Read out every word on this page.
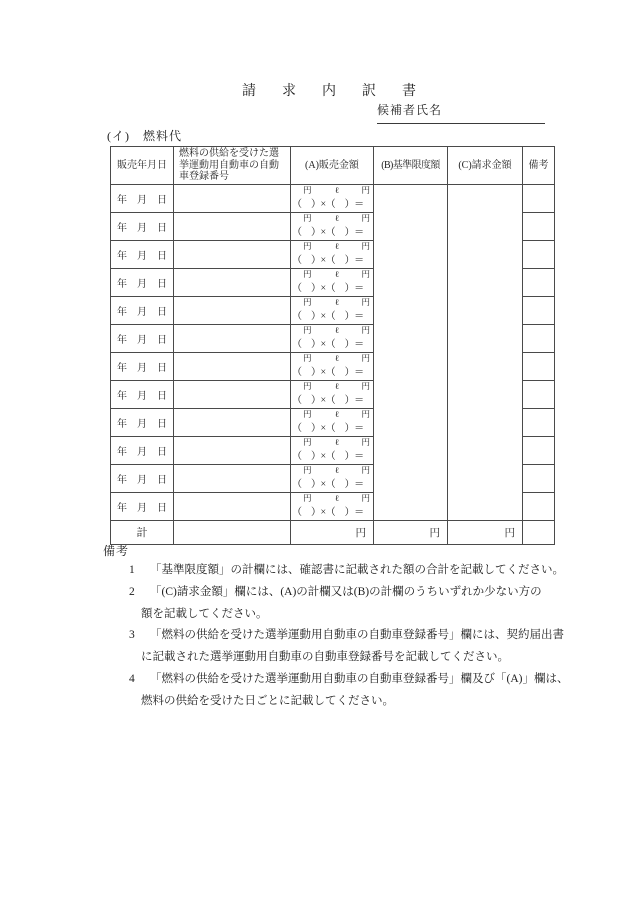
請　求　内　訳　書
候補者氏名
(イ)　燃料代
販売年月日	燃料の供給を受けた選挙運動用自動車の自動車登録番号	(A)販売金額	(B)基準限度額	(C)請求金額	備考
年　月　日		円 ℓ 円
（　）×（　）＝			

年　月　日		円 ℓ 円
（　）×（　）＝			

年　月　日		円 ℓ 円
（　）×（　）＝			

年　月　日		円 ℓ 円
（　）×（　）＝			

年　月　日		円 ℓ 円
（　）×（　）＝			

年　月　日		円 ℓ 円
（　）×（　）＝			

年　月　日		円 ℓ 円
（　）×（　）＝			

年　月　日		円 ℓ 円
（　）×（　）＝			

年　月　日		円 ℓ 円
（　）×（　）＝			

年　月　日		円 ℓ 円
（　）×（　）＝			

年　月　日		円 ℓ 円
（　）×（　）＝			

年　月　日		円 ℓ 円
（　）×（　）＝			

計		円	円	円	
備考
1 「基準限度額」の計欄には、確認書に記載された額の合計を記載してください。
2 「(C)請求金額」欄には、(A)の計欄又は(B)の計欄のうちいずれか少ない方の
額を記載してください。
3 「燃料の供給を受けた選挙運動用自動車の自動車登録番号」欄には、契約届出書
に記載された選挙運動用自動車の自動車登録番号を記載してください。
4 「燃料の供給を受けた選挙運動用自動車の自動車登録番号」欄及び「(A)」欄は、
燃料の供給を受けた日ごとに記載してください。
